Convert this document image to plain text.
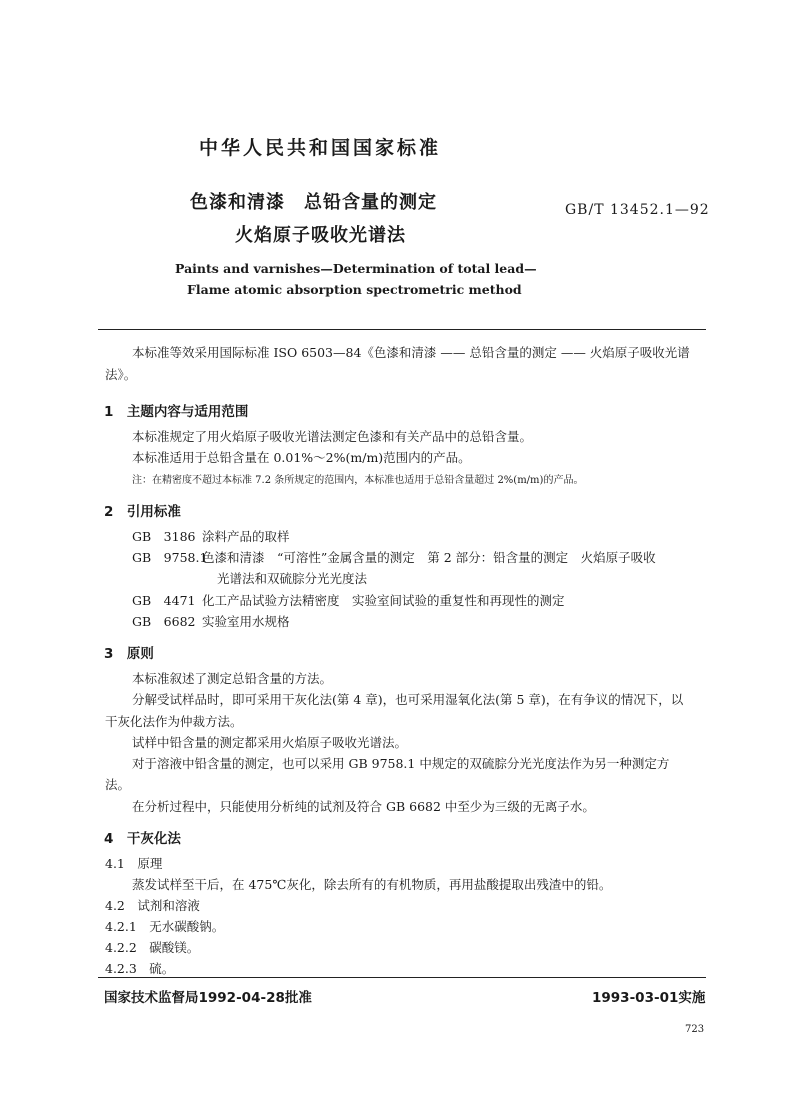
中华人民共和国国家标准
色漆和清漆　总铅含量的测定
火焰原子吸收光谱法
GB/T 13452.1—92
Paints and varnishes—Determination of total lead—
Flame atomic absorption spectrometric method
本标准等效采用国际标准 ISO 6503—84《色漆和清漆 —— 总铅含量的测定 —— 火焰原子吸收光谱
法》。
1　主题内容与适用范围
本标准规定了用火焰原子吸收光谱法测定色漆和有关产品中的总铅含量。
本标准适用于总铅含量在 0.01%～2%(m/m)范围内的产品。
注：在精密度不超过本标准 7.2 条所规定的范围内，本标准也适用于总铅含量超过 2%(m/m)的产品。
2　引用标准
GB　3186 涂料产品的取样
GB　9758.1
色漆和清漆　“可溶性”金属含量的测定　第 2 部分：铅含量的测定　火焰原子吸收
光谱法和双硫腙分光光度法
GB　4471 化工产品试验方法精密度　实验室间试验的重复性和再现性的测定
GB　6682 实验室用水规格
3　原则
本标准叙述了测定总铅含量的方法。
分解受试样品时，即可采用干灰化法(第 4 章)，也可采用湿氧化法(第 5 章)，在有争议的情况下，以
干灰化法作为仲裁方法。
试样中铅含量的测定都采用火焰原子吸收光谱法。
对于溶液中铅含量的测定，也可以采用 GB 9758.1 中规定的双硫腙分光光度法作为另一种测定方
法。
在分析过程中，只能使用分析纯的试剂及符合 GB 6682 中至少为三级的无离子水。
4　干灰化法
4.1　原理
蒸发试样至干后，在 475℃灰化，除去所有的有机物质，再用盐酸提取出残渣中的铅。
4.2　试剂和溶液
4.2.1　无水碳酸钠。
4.2.2　碳酸镁。
4.2.3　硫。
国家技术监督局1992-04-28批准	1993-03-01实施
723
